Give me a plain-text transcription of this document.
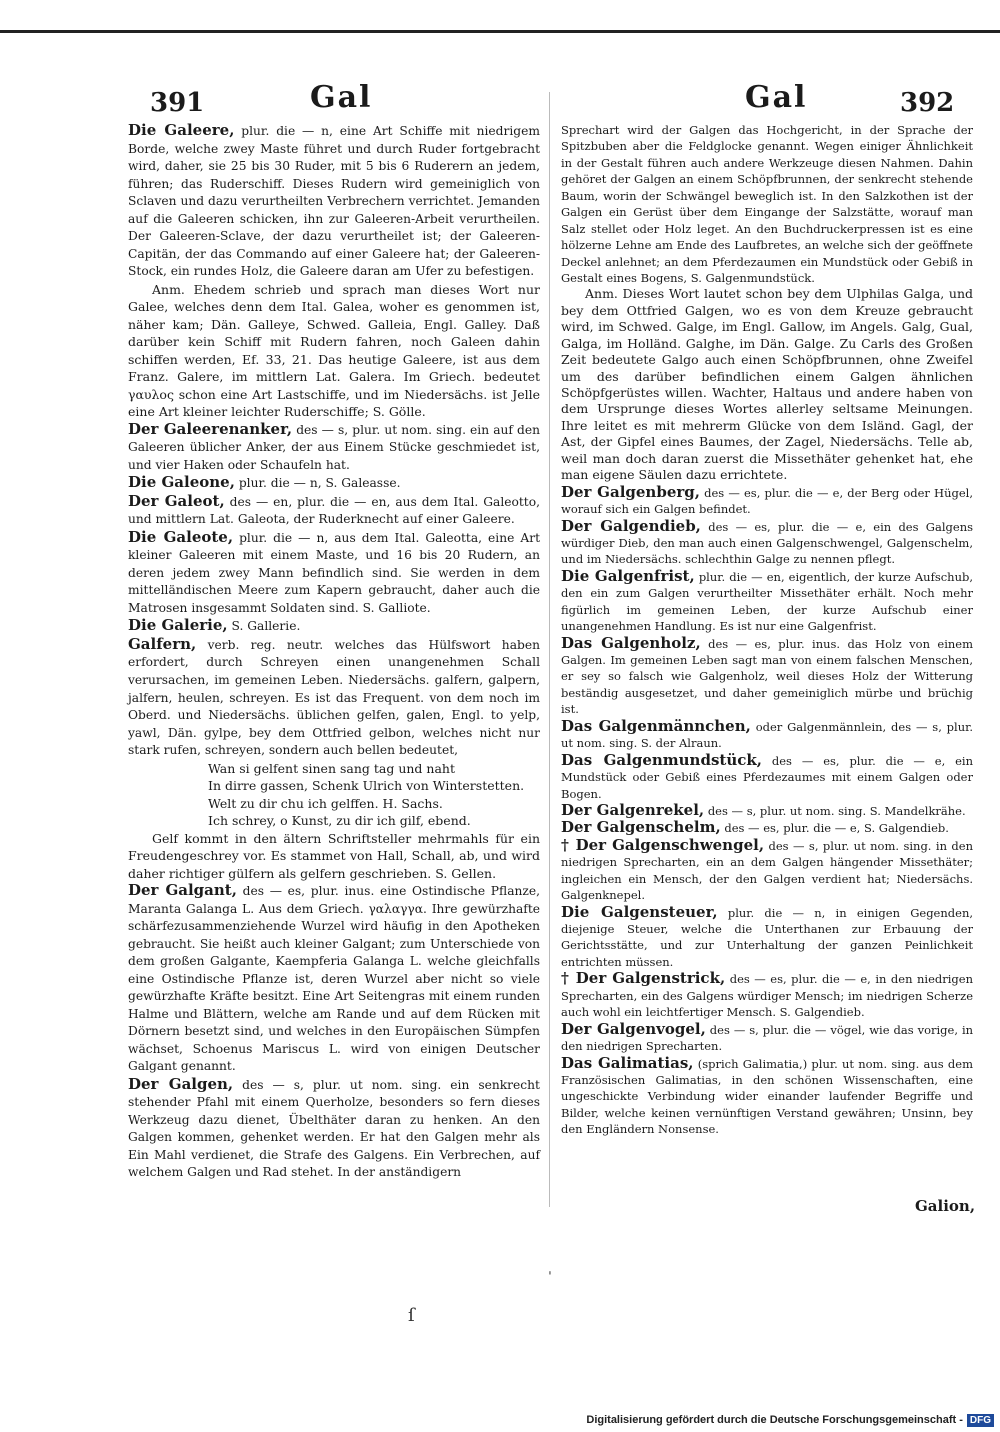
391	Gal	Gal	392

Die Galeere, plur. die — n, eine Art Schiffe mit niedrigem Borde, welche zwey Maste führet und durch Ruder fortgebracht wird, daher, sie 25 bis 30 Ruder, mit 5 bis 6 Ruderern an jedem, führen; das Ruderschiff. Dieses Rudern wird gemeiniglich von Sclaven und dazu verurtheilten Verbrechern verrichtet. Jemanden auf die Galeeren schicken, ihn zur Galeeren-Arbeit verurtheilen. Der Galeeren-Sclave, der dazu verurtheilet ist; der Galeeren-Capitän, der das Commando auf einer Galeere hat; der Galeeren-Stock, ein rundes Holz, die Galeere daran am Ufer zu befestigen.

Anm. Ehedem schrieb und sprach man dieses Wort nur Galee, welches denn dem Ital. Galea, woher es genommen ist, näher kam; Dän. Galleye, Schwed. Galleia, Engl. Galley. Daß darüber kein Schiff mit Rudern fahren, noch Galeen dahin schiffen werden, Ef. 33, 21. Das heutige Galeere, ist aus dem Franz. Galere, im mittlern Lat. Galera. Im Griech. bedeutet γαυλος schon eine Art Lastschiffe, und im Niedersächs. ist Jelle eine Art kleiner leichter Ruderschiffe; S. Gölle.

Der Galeerenanker, des — s, plur. ut nom. sing. ein auf den Galeeren üblicher Anker, der aus Einem Stücke geschmiedet ist, und vier Haken oder Schaufeln hat.

Die Galeone, plur. die — n, S. Galeasse.

Der Galeot, des — en, plur. die — en, aus dem Ital. Galeotto, und mittlern Lat. Galeota, der Ruderknecht auf einer Galeere.

Die Galeote, plur. die — n, aus dem Ital. Galeotta, eine Art kleiner Galeeren mit einem Maste, und 16 bis 20 Rudern, an deren jedem zwey Mann befindlich sind. Sie werden in dem mittelländischen Meere zum Kapern gebraucht, daher auch die Matrosen insgesammt Soldaten sind. S. Galliote.

Die Galerie, S. Gallerie.

Galfern, verb. reg. neutr. welches das Hülfswort haben erfordert, durch Schreyen einen unangenehmen Schall verursachen, im gemeinen Leben. Niedersächs. galfern, galpern, jalfern, heulen, schreyen. Es ist das Frequent. von dem noch im Oberd. und Niedersächs. üblichen gelfen, galen, Engl. to yelp, yawl, Dän. gylpe, bey dem Ottfried gelbon, welches nicht nur stark rufen, schreyen, sondern auch bellen bedeutet,

Wan si gelfent sinen sang tag und naht

In dirre gassen, Schenk Ulrich von Winterstetten.

Welt zu dir chu ich gelffen. H. Sachs.

Ich schrey, o Kunst, zu dir ich gilf, ebend.

Gelf kommt in den ältern Schriftsteller mehrmahls für ein Freudengeschrey vor. Es stammet von Hall, Schall, ab, und wird daher richtiger gülfern als gelfern geschrieben. S. Gellen.

Der Galgant, des — es, plur. inus. eine Ostindische Pflanze, Maranta Galanga L. Aus dem Griech. γαλαγγα. Ihre gewürzhafte schärfezusammenziehende Wurzel wird häufig in den Apotheken gebraucht. Sie heißt auch kleiner Galgant; zum Unterschiede von dem großen Galgante, Kaempferia Galanga L. welche gleichfalls eine Ostindische Pflanze ist, deren Wurzel aber nicht so viele gewürzhafte Kräfte besitzt. Eine Art Seitengras mit einem runden Halme und Blättern, welche am Rande und auf dem Rücken mit Dörnern besetzt sind, und welches in den Europäischen Sümpfen wächset, Schoenus Mariscus L. wird von einigen Deutscher Galgant genannt.

Der Galgen, des — s, plur. ut nom. sing. ein senkrecht stehender Pfahl mit einem Querholze, besonders so fern dieses Werkzeug dazu dienet, Übelthäter daran zu henken. An den Galgen kommen, gehenket werden. Er hat den Galgen mehr als Ein Mahl verdienet, die Strafe des Galgens. Ein Verbrechen, auf welchem Galgen und Rad stehet. In der anständigern

Sprechart wird der Galgen das Hochgericht, in der Sprache der Spitzbuben aber die Feldglocke genannt. Wegen einiger Ähnlichkeit in der Gestalt führen auch andere Werkzeuge diesen Nahmen. Dahin gehöret der Galgen an einem Schöpfbrunnen, der senkrecht stehende Baum, worin der Schwängel beweglich ist. In den Salzkothen ist der Galgen ein Gerüst über dem Eingange der Salzstätte, worauf man Salz stellet oder Holz leget. An den Buchdruckerpressen ist es eine hölzerne Lehne am Ende des Laufbretes, an welche sich der geöffnete Deckel anlehnet; an dem Pferdezaumen ein Mundstück oder Gebiß in Gestalt eines Bogens, S. Galgenmundstück.

Anm. Dieses Wort lautet schon bey dem Ulphilas Galga, und bey dem Ottfried Galgen, wo es von dem Kreuze gebraucht wird, im Schwed. Galge, im Engl. Gallow, im Angels. Galg, Gual, Galga, im Holländ. Galghe, im Dän. Galge. Zu Carls des Großen Zeit bedeutete Galgo auch einen Schöpfbrunnen, ohne Zweifel um des darüber befindlichen einem Galgen ähnlichen Schöpfgerüstes willen. Wachter, Haltaus und andere haben von dem Ursprunge dieses Wortes allerley seltsame Meinungen. Ihre leitet es mit mehrerm Glücke von dem Isländ. Gagl, der Ast, der Gipfel eines Baumes, der Zagel, Niedersächs. Telle ab, weil man doch daran zuerst die Missethäter gehenket hat, ehe man eigene Säulen dazu errichtete.

Der Galgenberg, des — es, plur. die — e, der Berg oder Hügel, worauf sich ein Galgen befindet.

Der Galgendieb, des — es, plur. die — e, ein des Galgens würdiger Dieb, den man auch einen Galgenschwengel, Galgenschelm, und im Niedersächs. schlechthin Galge zu nennen pflegt.

Die Galgenfrist, plur. die — en, eigentlich, der kurze Aufschub, den ein zum Galgen verurtheilter Missethäter erhält. Noch mehr figürlich im gemeinen Leben, der kurze Aufschub einer unangenehmen Handlung. Es ist nur eine Galgenfrist.

Das Galgenholz, des — es, plur. inus. das Holz von einem Galgen. Im gemeinen Leben sagt man von einem falschen Menschen, er sey so falsch wie Galgenholz, weil dieses Holz der Witterung beständig ausgesetzet, und daher gemeiniglich mürbe und brüchig ist.

Das Galgenmännchen, oder Galgenmännlein, des — s, plur. ut nom. sing. S. der Alraun.

Das Galgenmundstück, des — es, plur. die — e, ein Mundstück oder Gebiß eines Pferdezaumes mit einem Galgen oder Bogen.

Der Galgenrekel, des — s, plur. ut nom. sing. S. Mandelkrähe.

Der Galgenschelm, des — es, plur. die — e, S. Galgendieb.

† Der Galgenschwengel, des — s, plur. ut nom. sing. in den niedrigen Sprecharten, ein an dem Galgen hängender Missethäter; ingleichen ein Mensch, der den Galgen verdient hat; Niedersächs. Galgenknepel.

Die Galgensteuer, plur. die — n, in einigen Gegenden, diejenige Steuer, welche die Unterthanen zur Erbauung der Gerichtsstätte, und zur Unterhaltung der ganzen Peinlichkeit entrichten müssen.

† Der Galgenstrick, des — es, plur. die — e, in den niedrigen Sprecharten, ein des Galgens würdiger Mensch; im niedrigen Scherze auch wohl ein leichtfertiger Mensch. S. Galgendieb.

Der Galgenvogel, des — s, plur. die — vögel, wie das vorige, in den niedrigen Sprecharten.

Das Galimatias, (sprich Galimatia,) plur. ut nom. sing. aus dem Französischen Galimatias, in den schönen Wissenschaften, eine ungeschickte Verbindung wider einander laufender Begriffe und Bilder, welche keinen vernünftigen Verstand gewähren; Unsinn, bey den Engländern Nonsense.

Galion,
ˈ
ſ
Digitalisierung gefördert durch die Deutsche Forschungsgemeinschaft - DFG
